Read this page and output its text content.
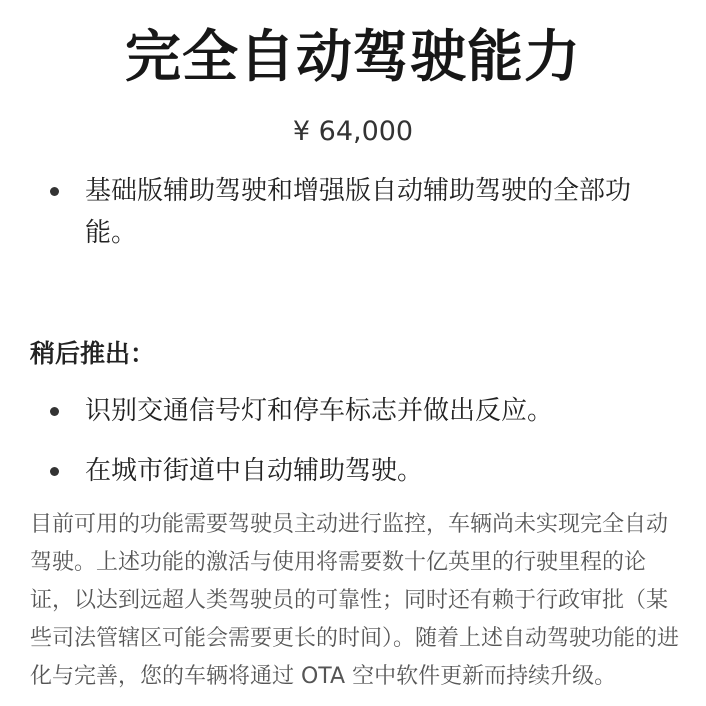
完全自动驾驶能力
¥ 64,000
基础版辅助驾驶和增强版自动辅助驾驶的全部功能。
稍后推出：
识别交通信号灯和停车标志并做出反应。
在城市街道中自动辅助驾驶。

目前可用的功能需要驾驶员主动进行监控，车辆尚未实现完全自动驾驶。上述功能的激活与使用将需要数十亿英里的行驶里程的论证，以达到远超人类驾驶员的可靠性；同时还有赖于行政审批（某些司法管辖区可能会需要更长的时间）。随着上述自动驾驶功能的进化与完善，您的车辆将通过 OTA 空中软件更新而持续升级。
